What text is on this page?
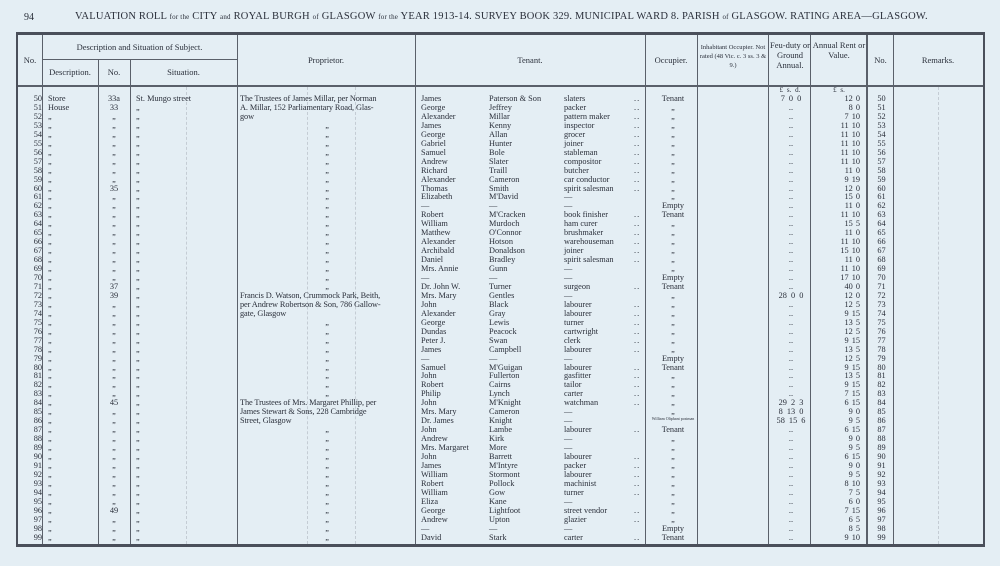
94	VALUATION ROLL for the CITY and ROYAL BURGH of GLASGOW for the YEAR 1913-14. SURVEY BOOK 329. MUNICIPAL WARD 8. PARISH of GLASGOW. RATING AREA—GLASGOW.
No.
Description and Situation of Subject.
Description.	No.	Situation.
Proprietor.	Tenant.	Occupier.
Inhabitant Occupier. Not rated (48 Vic. c. 3 ss. 3 & 9.)
Feu-duty or Ground Annual.
Annual Rent or Value.	No.	Remarks.
£ s. d.	£ s.
50 Store	33a	St. Mungo street	The Trustees of James Millar, per Norman	James	Paterson & Son	slaters ..	Tenant	7 0 0	12 0	50
51 House	33	„	A. Millar, 152 Parliamentary Road, Glas-	George	Jeffrey	packer ..	„	..	8 0	51
52 „	„	„	gow	Alexander	Millar	pattern maker ..	„	..	7 10	52
53 „	„	„	„	James	Kenny	inspector ..	„	..	11 10	53
54 „	„	„	„	George	Allan	grocer ..	„	..	11 10	54
55 „	„	„	„	Gabriel	Hunter	joiner ..	„	..	11 10	55
56 „	„	„	„	Samuel	Bole	stableman ..	„	..	11 10	56
57 „	„	„	„	Andrew	Slater	compositor ..	„	..	11 10	57
58 „	„	„	„	Richard	Traill	butcher ..	„	..	11 0	58
59 „	„	„	„	Alexander	Cameron	car conductor ..	„	..	9 19	59
60 „	35	„	„	Thomas	Smith	spirit salesman ..	„	..	12 0	60
61 „	„	„	„	Elizabeth	M'David	—	„	..	15 0	61
62 „	„	„	„	—	—	—	Empty	..	11 0	62
63 „	„	„	„	Robert	M'Cracken	book finisher ..	Tenant	..	11 10	63
64 „	„	„	„	William	Murdoch	ham curer ..	„	..	15 5	64
65 „	„	„	„	Matthew	O'Connor	brushmaker ..	„	..	11 0	65
66 „	„	„	„	Alexander	Hotson	warehouseman ..	„	..	11 10	66
67 „	„	„	„	Archibald	Donaldson	joiner ..	„	..	15 10	67
68 „	„	„	„	Daniel	Bradley	spirit salesman ..	„	..	11 0	68
69 „	„	„	„	Mrs. Annie	Gunn	—	„	..	11 10	69
70 „	„	„	„	—	—	—	Empty	..	17 10	70
71 „	37	„	„	Dr. John W.	Turner	surgeon ..	Tenant	..	40 0	71
72 „	39	„	Francis D. Watson, Crummock Park, Beith,	Mrs. Mary	Gentles	—	„	28 0 0	12 0	72
73 „	„	„	per Andrew Robertson & Son, 786 Gallow-	John	Black	labourer ..	„	..	12 5	73
74 „	„	„	gate, Glasgow	Alexander	Gray	labourer ..	„	..	9 15	74
75 „	„	„	„	George	Lewis	turner ..	„	..	13 5	75
76 „	„	„	„	Dundas	Peacock	cartwright ..	„	..	12 5	76
77 „	„	„	„	Peter J.	Swan	clerk ..	„	..	9 15	77
78 „	„	„	„	James	Campbell	labourer ..	„	..	13 5	78
79 „	„	„	„	—	—	—	Empty	..	12 5	79
80 „	„	„	„	Samuel	M'Guigan	labourer ..	Tenant	..	9 15	80
81 „	„	„	„	John	Fullerton	gasfitter ..	„	..	13 5	81
82 „	„	„	„	Robert	Cairns	tailor ..	„	..	9 15	82
83 „	„	„	„	Philip	Lynch	carter ..	„	..	7 15	83
84 „	45	„	The Trustees of Mrs. Margaret Phillip, per	John	M'Knight	watchman ..	„	29 2 3	6 15	84
85 „	„	„	James Stewart & Sons, 228 Cambridge	Mrs. Mary	Cameron	—	„	8 13 0	9 0	85
86 „	„	„	Street, Glasgow	Dr. James	Knight	—	William Oliphant postman	58 15 6	9 5	86
87 „	„	„	„	John	Lambe	labourer ..	Tenant	..	6 15	87
88 „	„	„	„	Andrew	Kirk	—	„	..	9 0	88
89 „	„	„	„	Mrs. Margaret More	—	„	..	9 5	89
90 „	„	„	„	John	Barrett	labourer ..	„	..	6 15	90
91 „	„	„	„	James	M'Intyre	packer ..	„	..	9 0	91
92 „	„	„	„	William	Stormont	labourer ..	„	..	9 5	92
93 „	„	„	„	Robert	Pollock	machinist ..	„	..	8 10	93
94 „	„	„	„	William	Gow	turner ..	„	..	7 5	94
95 „	„	„	„	Eliza	Kane	—	„	..	6 0	95
96 „	49	„	„	George	Lightfoot	street vendor ..	„	..	7 15	96
97 „	„	„	„	Andrew	Upton	glazier ..	„	..	6 5	97
98 „	„	„	„	—	—	—	Empty	..	8 5	98
99 „	„	„	„	David	Stark	carter ..	Tenant	..	9 10	99
